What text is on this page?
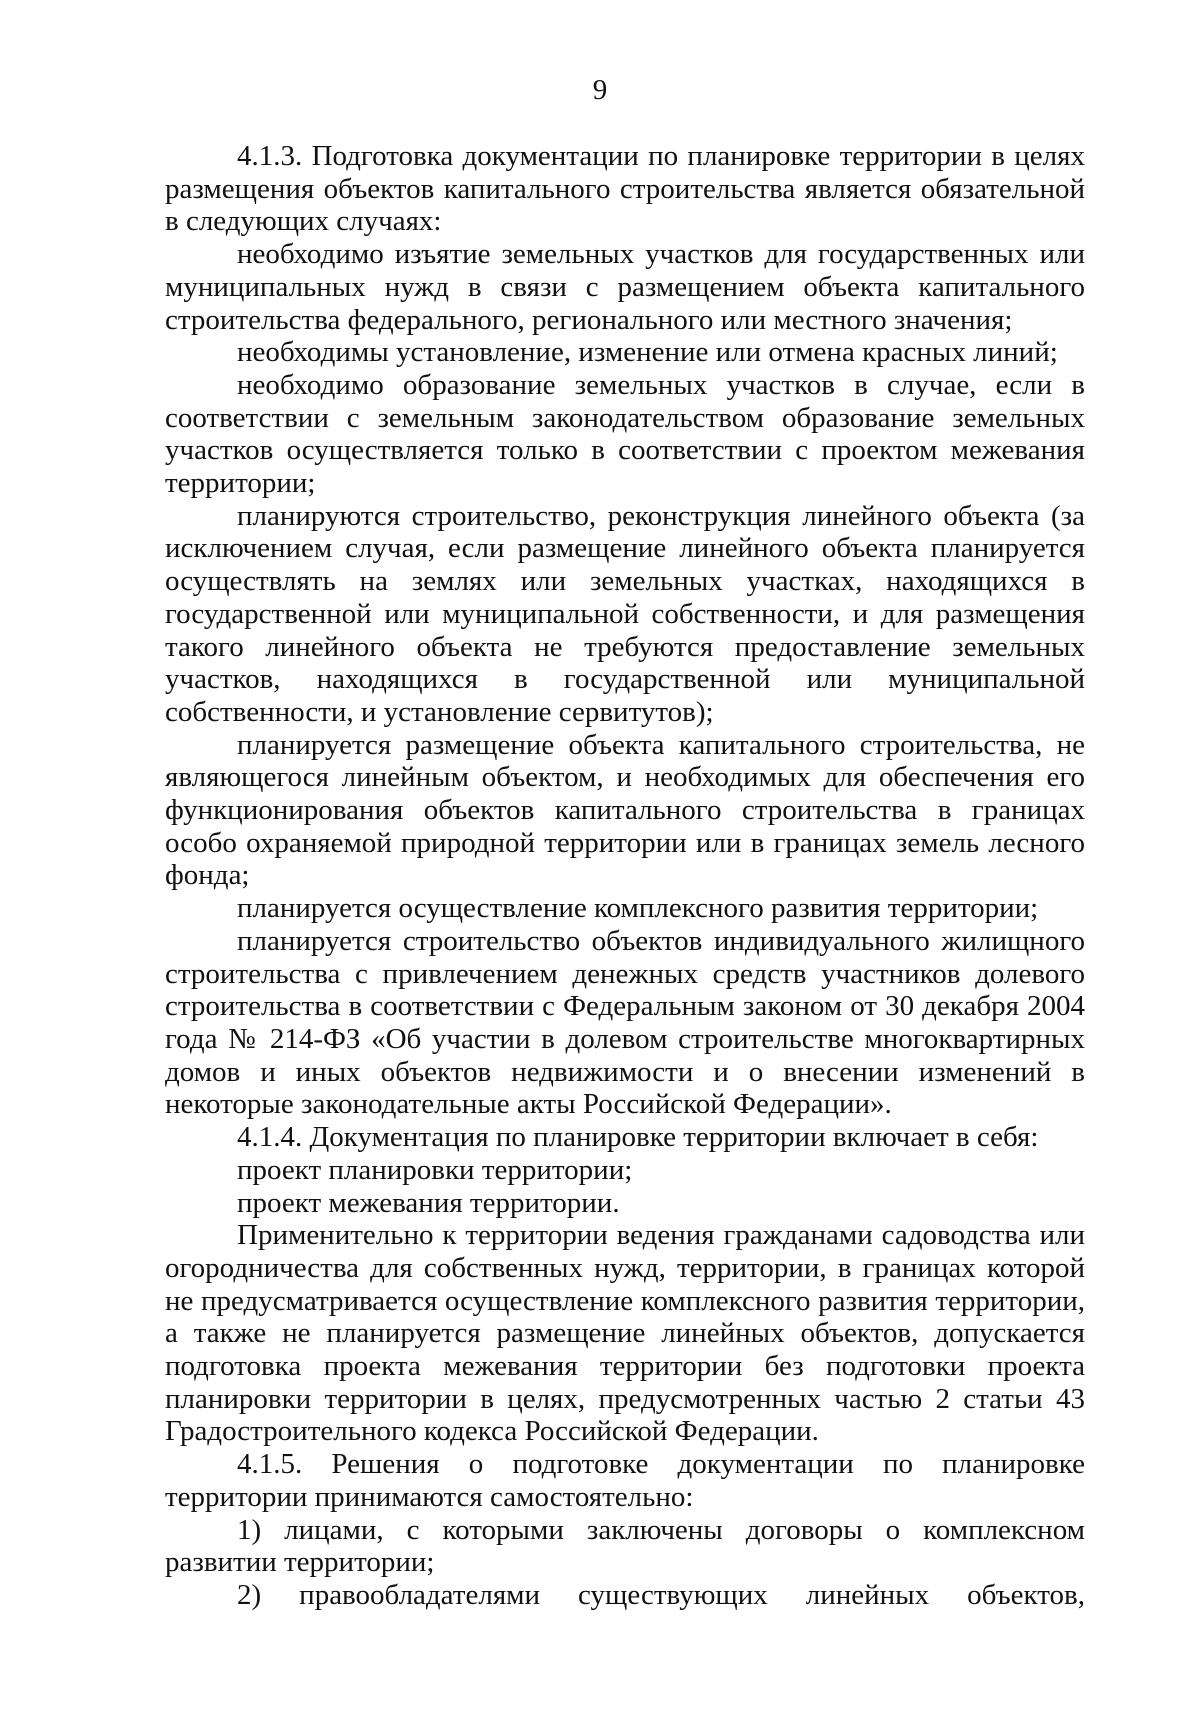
9

4.1.3. Подготовка документации по планировке территории в целях размещения объектов капитального строительства является обязательной в следующих случаях:

необходимо изъятие земельных участков для государственных или муниципальных нужд в связи с размещением объекта капитального строительства федерального, регионального или местного значения;

необходимы установление, изменение или отмена красных линий;

необходимо образование земельных участков в случае, если в соответствии с земельным законодательством образование земельных участков осуществляется только в соответствии с проектом межевания территории;

планируются строительство, реконструкция линейного объекта (за исключением случая, если размещение линейного объекта планируется осуществлять на землях или земельных участках, находящихся в государственной или муниципальной собственности, и для размещения такого линейного объекта не требуются предоставление земельных участков, находящихся в государственной или муниципальной собственности, и установление сервитутов);

планируется размещение объекта капитального строительства, не являющегося линейным объектом, и необходимых для обеспечения его функционирования объектов капитального строительства в границах особо охраняемой природной территории или в границах земель лесного фонда;

планируется осуществление комплексного развития территории;

планируется строительство объектов индивидуального жилищного строительства с привлечением денежных средств участников долевого строительства в соответствии с Федеральным законом от 30 декабря 2004 года № 214-ФЗ «Об участии в долевом строительстве многоквартирных домов и иных объектов недвижимости и о внесении изменений в некоторые законодательные акты Российской Федерации».

4.1.4. Документация по планировке территории включает в себя:

проект планировки территории;

проект межевания территории.

Применительно к территории ведения гражданами садоводства или огородничества для собственных нужд, территории, в границах которой не предусматривается осуществление комплексного развития территории, а также не планируется размещение линейных объектов, допускается подготовка проекта межевания территории без подготовки проекта планировки территории в целях, предусмотренных частью 2 статьи 43 Градостроительного кодекса Российской Федерации.

4.1.5. Решения о подготовке документации по планировке территории принимаются самостоятельно:

1) лицами, с которыми заключены договоры о комплексном развитии территории;

2) правообладателями существующих линейных объектов,
